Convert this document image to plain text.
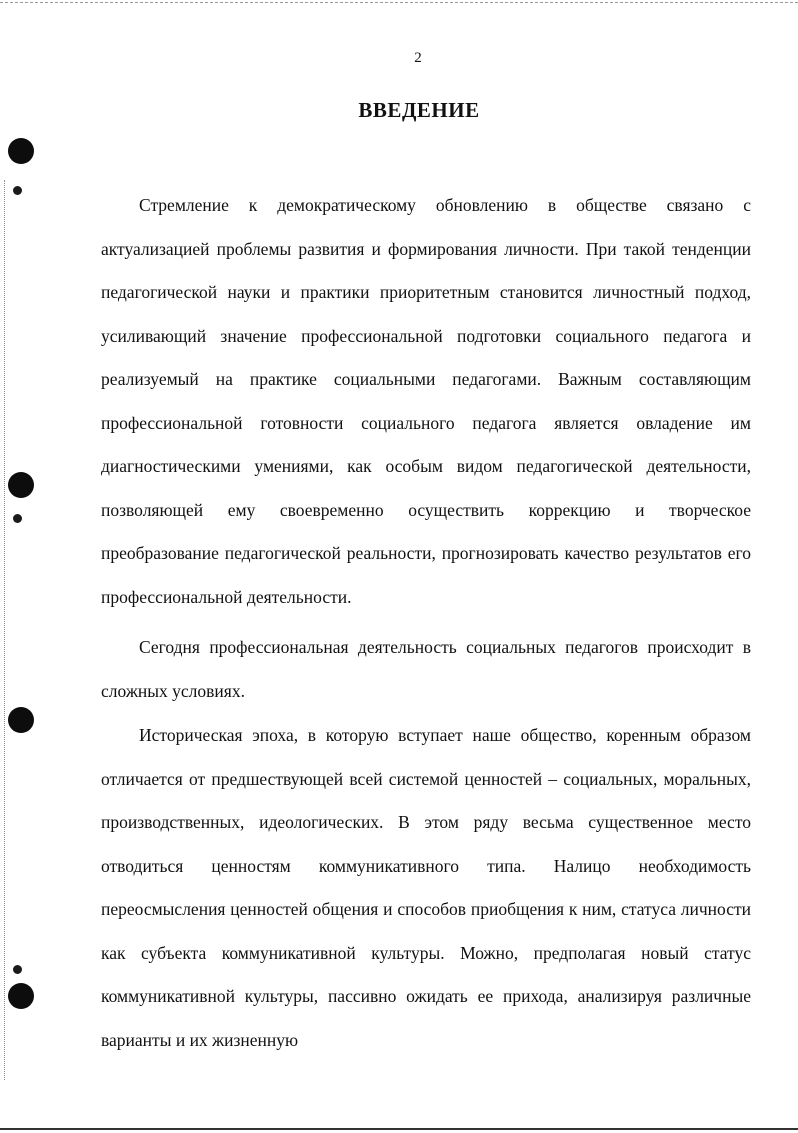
2
ВВЕДЕНИЕ

Стремление к демократическому обновлению в обществе связано с актуализацией проблемы развития и формирования личности. При такой тенденции педагогической науки и практики приоритетным становится личностный подход, усиливающий значение профессиональной подготовки социального педагога и реализуемый на практике социальными педагогами. Важным составляющим профессиональной готовности социального педагога является овладение им диагностическими умениями, как особым видом педагогической деятельности, позволяющей ему своевременно осуществить коррекцию и творческое преобразование педагогической реальности, прогнозировать качество результатов его профессиональной деятельности.

Сегодня профессиональная деятельность социальных педагогов происходит в сложных условиях.

Историческая эпоха, в которую вступает наше общество, коренным образом отличается от предшествующей всей системой ценностей – социальных, моральных, производственных, идеологических. В этом ряду весьма существенное место отводиться ценностям коммуникативного типа. Налицо необходимость переосмысления ценностей общения и способов приобщения к ним, статуса личности как субъекта коммуникативной культуры. Можно, предполагая новый статус коммуникативной культуры, пассивно ожидать ее прихода, анализируя различные варианты и их жизненную
